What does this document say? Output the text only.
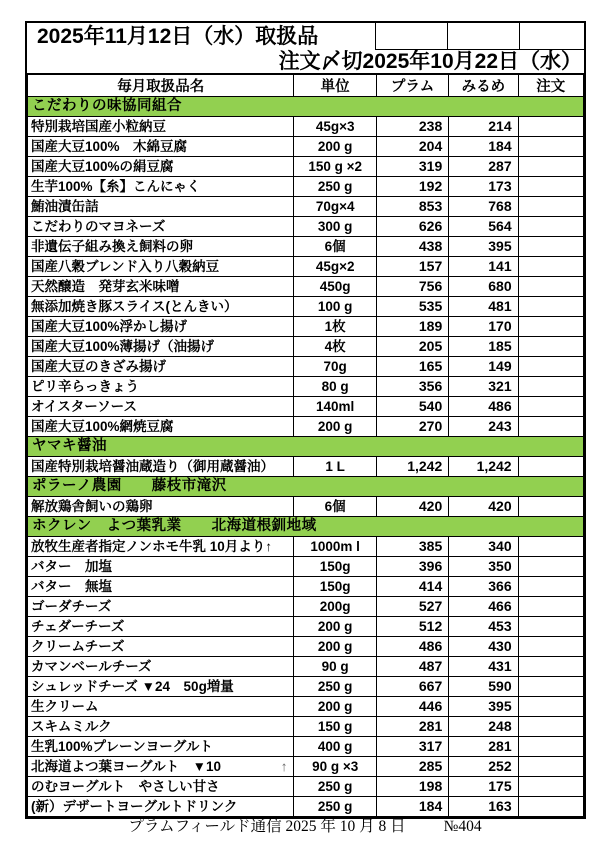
2025年11月12日（水）取扱品
注文〆切2025年10月22日（水）
毎月取扱品名	単位	プラム	みるめ	注文
こだわりの味協同組合				
特別栽培国産小粒納豆	45g×3	238	214	
国産大豆100%　木綿豆腐	200 g	204	184	
国産大豆100%の絹豆腐	150 g ×2	319	287	
生芋100%【糸】こんにゃく	250 g	192	173	
鮪油漬缶詰	70g×4	853	768	
こだわりのマヨネーズ	300 g	626	564	
非遺伝子組み換え飼料の卵	6個	438	395	
国産八穀ブレンド入り八穀納豆	45g×2	157	141	
天然醸造　発芽玄米味噌	450g	756	680	
無添加焼き豚スライス(とんきい）	100 g	535	481	
国産大豆100%浮かし揚げ	1枚	189	170	
国産大豆100%薄揚げ（油揚げ	4枚	205	185	
国産大豆のきざみ揚げ	70g	165	149	
ピリ辛らっきょう	80 g	356	321	
オイスターソース	140ml	540	486	
国産大豆100%網焼豆腐	200 g	270	243	
ヤマキ醤油				
国産特別栽培醤油蔵造り（御用蔵醤油）	1 L	1,242	1,242	
ポラーノ農園　　藤枝市滝沢				
解放鶏舎飼いの鶏卵	6個	420	420	
ホクレン　よつ葉乳業　　北海道根釧地域				
放牧生産者指定ノンホモ牛乳 10月より↑	1000m l	385	340	
バター　加塩	150g	396	350	
バター　無塩	150g	414	366	
ゴーダチーズ	200g	527	466	
チェダーチーズ	200 g	512	453	
クリームチーズ	200 g	486	430	
カマンベールチーズ	90 g	487	431	
シュレッドチーズ ▼24　50g増量	250 g	667	590	
生クリーム	200 g	446	395	
スキムミルク	150 g	281	248	
生乳100%プレーンヨーグルト	400 g	317	281	
北海道よつ葉ヨーグルト　▼10 ↑	90 g ×3	285	252	
のむヨーグルト　やさしい甘さ	250 g	198	175	
(新）デザートヨーグルトドリンク	250 g	184	163	
プラムフィールド通信 2025 年 10 月 8 日 №404
